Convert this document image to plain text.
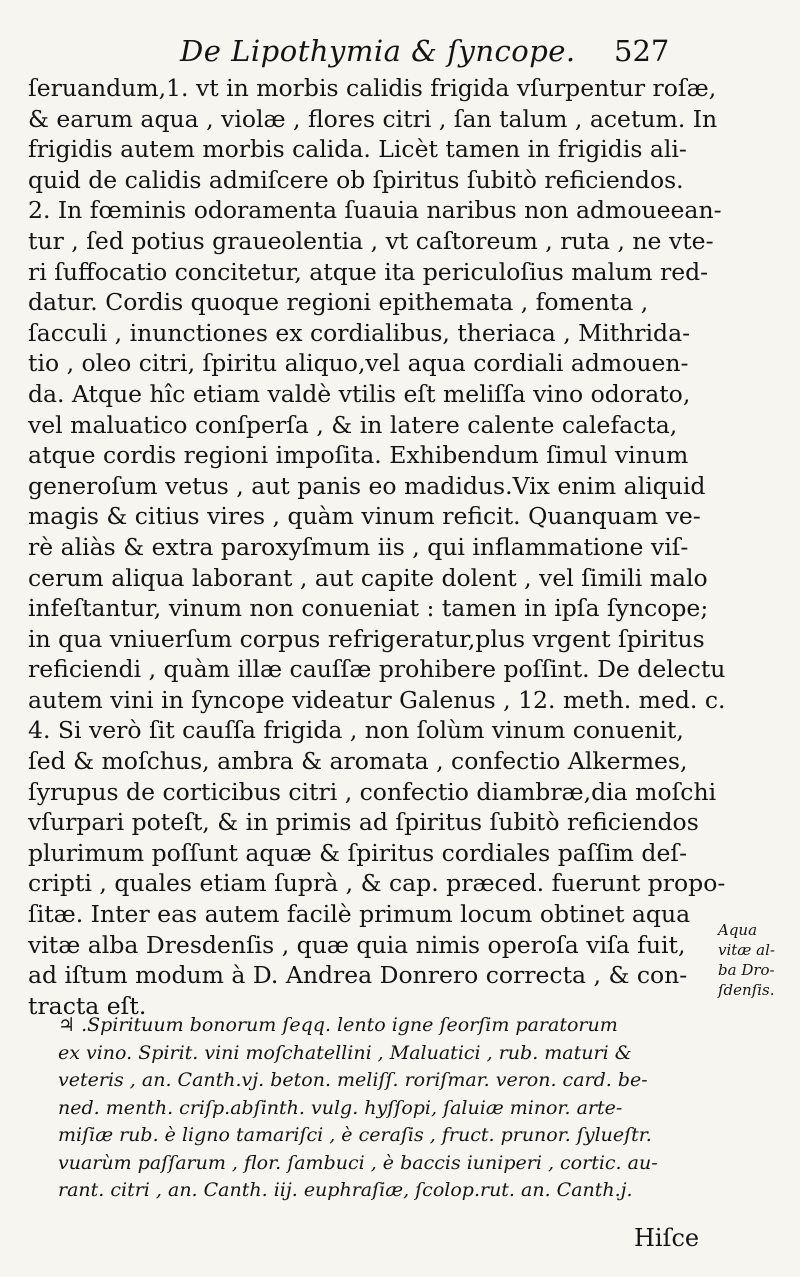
De Lipothymia & ſyncope. 527
ſeruandum,1. vt in morbis calidis frigida vſurpentur roſæ,
& earum aqua , violæ , flores citri , ſan talum , acetum. In
frigidis autem morbis calida. Licèt tamen in frigidis ali-
quid de calidis admiſcere ob ſpiritus ſubitò reficiendos.
2. In fœminis odoramenta ſuauia naribus non admoueean-
tur , ſed potius graueolentia , vt caſtoreum , ruta , ne vte-
ri ſuffocatio concitetur, atque ita periculoſius malum red-
datur. Cordis quoque regioni epithemata , fomenta ,
ſacculi , inunctiones ex cordialibus, theriaca , Mithrida-
tio , oleo citri, ſpiritu aliquo,vel aqua cordiali admouen-
da. Atque hîc etiam valdè vtilis eſt meliſſa vino odorato,
vel maluatico conſperſa , & in latere calente calefacta,
atque cordis regioni impoſita. Exhibendum ſimul vinum
generoſum vetus , aut panis eo madidus.Vix enim aliquid
magis & citius vires , quàm vinum reficit. Quanquam ve-
rè aliàs & extra paroxyſmum iis , qui inflammatione viſ-
cerum aliqua laborant , aut capite dolent , vel ſimili malo
infeſtantur, vinum non conueniat : tamen in ipſa ſyncope;
in qua vniuerſum corpus refrigeratur,plus vrgent ſpiritus
reficiendi , quàm illæ cauſſæ prohibere poſſint. De delectu
autem vini in ſyncope videatur Galenus , 12. meth. med. c.
4. Si verò ſit cauſſa frigida , non ſolùm vinum conuenit,
ſed & moſchus, ambra & aromata , confectio Alkermes,
ſyrupus de corticibus citri , confectio diambræ,dia moſchi
vſurpari poteſt, & in primis ad ſpiritus ſubitò reficiendos
plurimum poſſunt aquæ & ſpiritus cordiales paſſim deſ-
cripti , quales etiam ſuprà , & cap. præced. fuerunt propo-
ſitæ. Inter eas autem facilè primum locum obtinet aqua
vitæ alba Dresdenſis , quæ quia nimis operoſa viſa fuit,
ad iſtum modum à D. Andrea Donrero correcta , & con-
tracta eſt.
♃ .Spirituum bonorum ſeqq. lento igne ſeorſim paratorum
ex vino. Spirit. vini moſchatellini , Maluatici , rub. maturi &
veteris , an. Canth.vj. beton. meliſſ. roriſmar. veron. card. be-
ned. menth. criſp.abſinth. vulg. hyſſopi, ſaluiæ minor. arte-
miſiæ rub. è ligno tamariſci , è ceraſis , fruct. prunor. ſylueſtr.
vuarùm paſſarum , flor. ſambuci , è baccis iuniperi , cortic. au-
rant. citri , an. Canth. iij. euphraſiæ, ſcolop.rut. an. Canth.j.
Aqua
vitæ al-
ba Dro-
ſdenſis.
Hiſce
